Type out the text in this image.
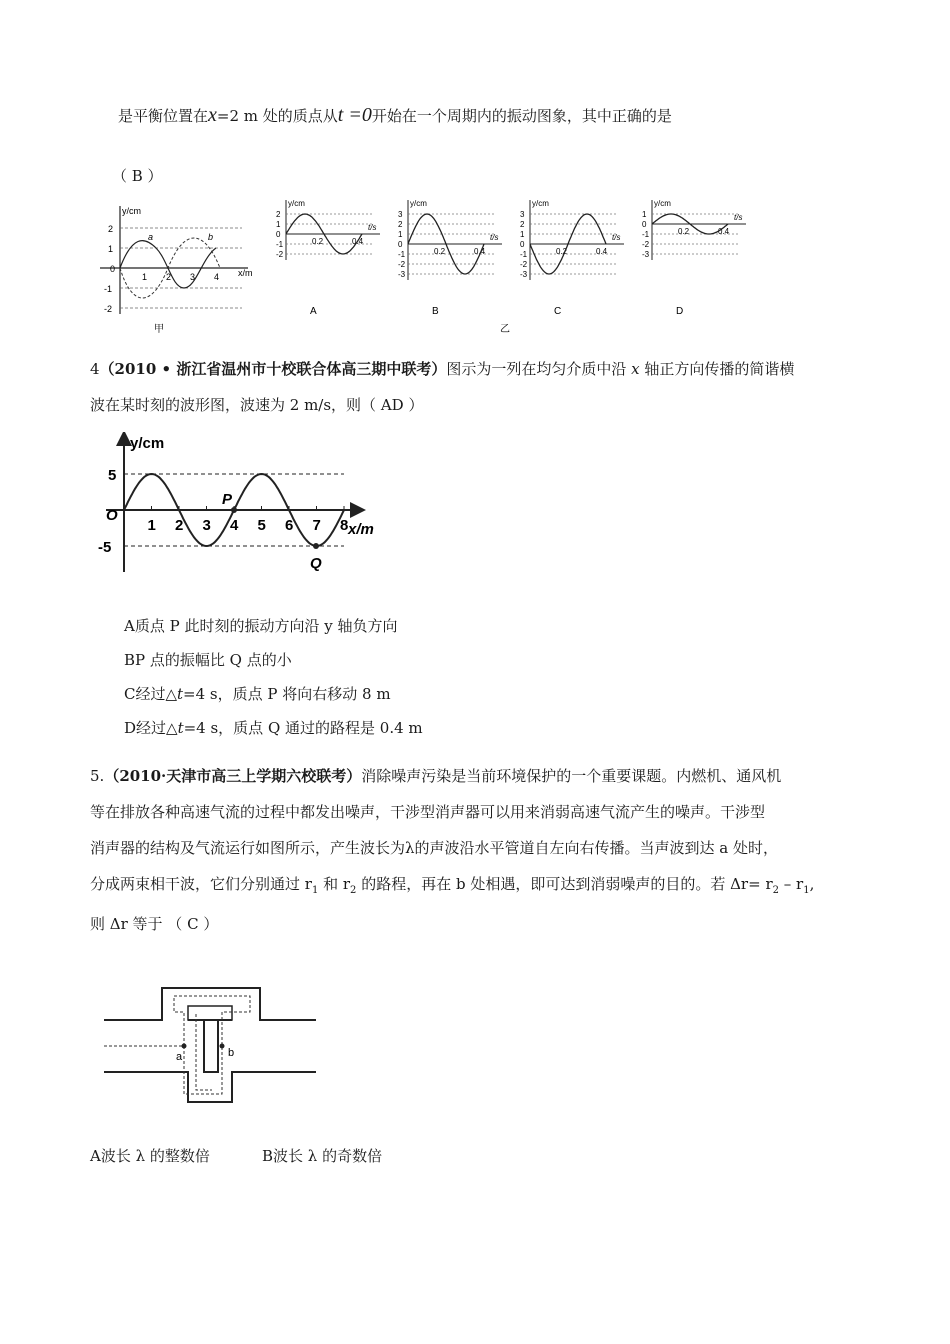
是平衡位置在x=2 m 处的质点从t =0开始在一个周期内的振动图象，其中正确的是
（ B ）
y/cm
x/m
2
1
0
-1
-2
1 2 3 4
a	b
甲
y/cm
t/s
2
1
0
-1
-2
0.2	0.4
A
y/cm
t/s
3
2
1
0
-1
-2
-3
0.2	0.4
B
y/cm
t/s
3
2
1
0
-1
-2
-3
0.2	0.4
C
y/cm
t/s
1
0
-1
-2
-3
0.2	0.4
D
乙
4（2010 • 浙江省温州市十校联合体高三期中联考）图示为一列在均匀介质中沿 x 轴正方向传播的简谐横
波在某时刻的波形图，波速为 2 m/s，则（ AD ）
y/cm
x/m
5
-5
O
1 2 3 4 5 6 7 8
P
Q
A质点 P 此时刻的振动方向沿 y 轴负方向
BP 点的振幅比 Q 点的小
C经过△t=4 s，质点 P 将向右移动 8 m
D经过△t=4 s，质点 Q 通过的路程是 0.4 m
5.（2010·天津市高三上学期六校联考）消除噪声污染是当前环境保护的一个重要课题。内燃机、通风机
等在排放各种高速气流的过程中都发出噪声，干涉型消声器可以用来消弱高速气流产生的噪声。干涉型
消声器的结构及气流运行如图所示，产生波长为λ的声波沿水平管道自左向右传播。当声波到达 a 处时，
分成两束相干波，它们分别通过 $r_1$ 和 $r_2$ 的路程，再在 b 处相遇，即可达到消弱噪声的目的。若 $\Delta r= r_2 - r_1$,
则 Δr 等于 （ C ）
a	b
A波长 λ 的整数倍	B波长 λ 的奇数倍
